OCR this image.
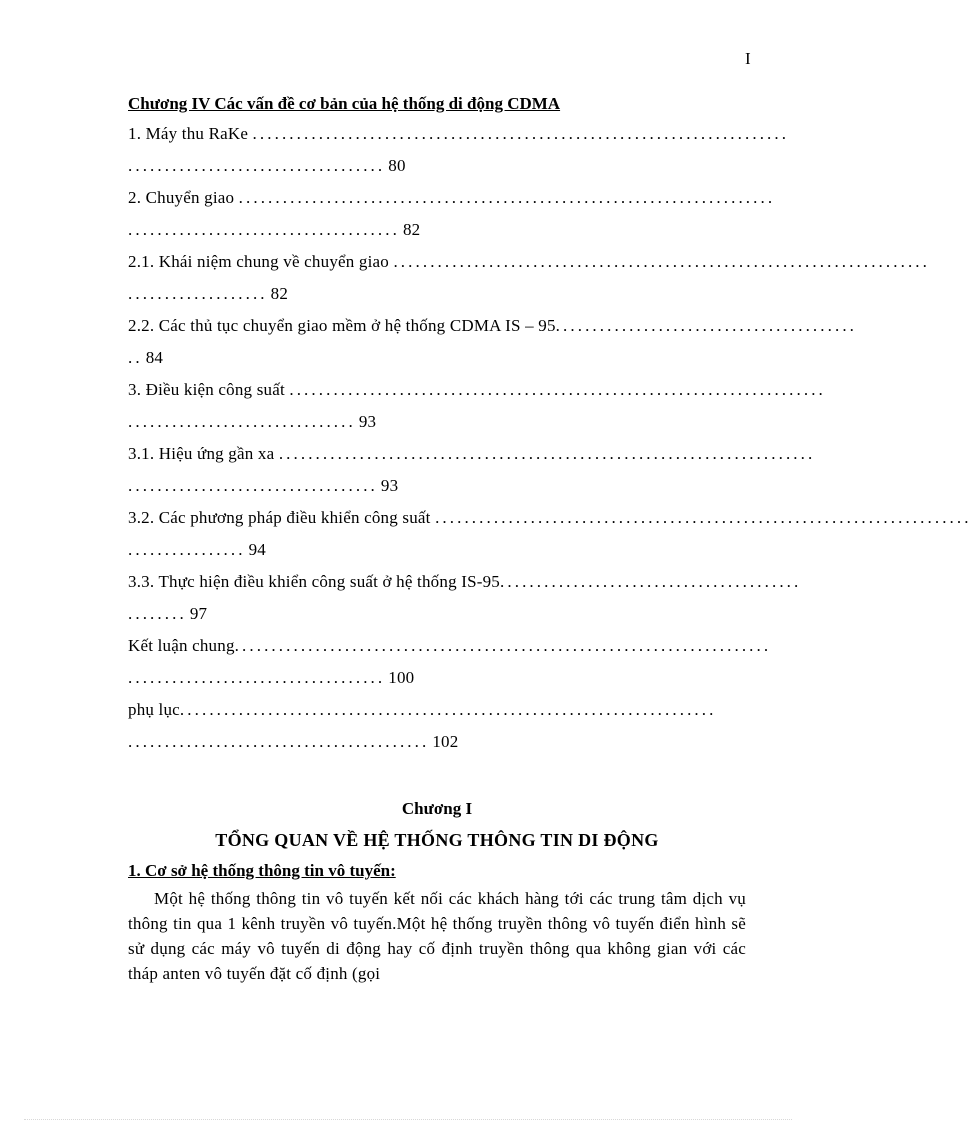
I
Chương IV Các vấn đề cơ bản của hệ thống di động CDMA
1. Máy thu RaKe .........................................................................
................................... 80
2. Chuyển giao .........................................................................
..................................... 82
2.1. Khái niệm chung về chuyển giao .........................................................................
................... 82
2.2. Các thủ tục chuyển giao mềm ở hệ thống CDMA IS – 95.........................................
.. 84
3. Điều kiện công suất .........................................................................
............................... 93
3.1. Hiệu ứng gần xa .........................................................................
.................................. 93
3.2. Các phương pháp điều khiển công suất .........................................................................
................ 94
3.3. Thực hiện điều khiển công suất ở hệ thống IS-95.........................................
........ 97
Kết luận chung.........................................................................
................................... 100
phụ lục.........................................................................
......................................... 102
Chương I
TỔNG QUAN VỀ HỆ THỐNG THÔNG TIN DI ĐỘNG
1. Cơ sở hệ thống thông tin vô tuyến:

Một hệ thống thông tin vô tuyến kết nối các khách hàng tới các trung tâm dịch vụ thông tin qua 1 kênh truyền vô tuyến.Một hệ thống truyền thông vô tuyến điển hình sẽ sử dụng các máy vô tuyến di động hay cố định truyền thông qua không gian với các tháp anten vô tuyến đặt cố định (gọi
